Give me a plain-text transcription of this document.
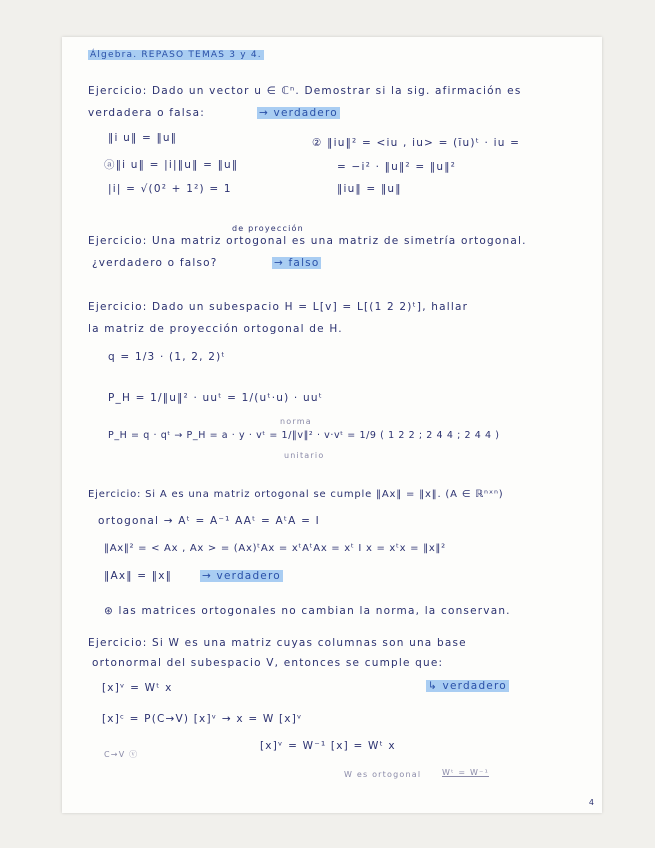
Álgebra. REPASO TEMAS 3 y 4.
Ejercicio: Dado un vector u ∈ ℂⁿ. Demostrar si la sig. afirmación es
verdadera o falsa:	→ verdadero
‖i u‖ = ‖u‖
ⓐ‖i u‖ = |i|‖u‖ = ‖u‖
|i| = √(0² + 1²) = 1
② ‖iu‖² = <iu , iu> = (īu)ᵗ · iu =
= −i² · ‖u‖² = ‖u‖²
‖iu‖ = ‖u‖
de proyección
Ejercicio: Una matriz ortogonal es una matriz de simetría ortogonal.
¿verdadero o falso?	→ falso
Ejercicio: Dado un subespacio H = L[v] = L[(1 2 2)ᵗ], hallar
la matriz de proyección ortogonal de H.
q = 1/3 · (1, 2, 2)ᵗ
P_H = 1/‖u‖² · uuᵗ = 1/(uᵗ·u) · uuᵗ
norma
P_H = q · qᵗ → P_H = a · y · vᵗ = 1/‖v‖² · v·vᵗ = 1/9 ( 1 2 2 ; 2 4 4 ; 2 4 4 )
unitario
Ejercicio: Si A es una matriz ortogonal se cumple ‖Ax‖ = ‖x‖. (A ∈ ℝⁿˣⁿ)
ortogonal → Aᵗ = A⁻¹ AAᵗ = AᵗA = I
‖Ax‖² = < Ax , Ax > = (Ax)ᵗAx = xᵗAᵗAx = xᵗ I x = xᵗx = ‖x‖²
‖Ax‖ = ‖x‖	→ verdadero
⊛ las matrices ortogonales no cambian la norma, la conservan.
Ejercicio: Si W es una matriz cuyas columnas son una base
ortonormal del subespacio V, entonces se cumple que:
[x]ᵛ = Wᵗ x	↳ verdadero
[x]ᶜ = P(C→V) [x]ᵛ → x = W [x]ᵛ
[x]ᵛ = W⁻¹ [x] = Wᵗ x
C→V ⓥ
W es ortogonal	Wᵗ = W⁻¹
4
